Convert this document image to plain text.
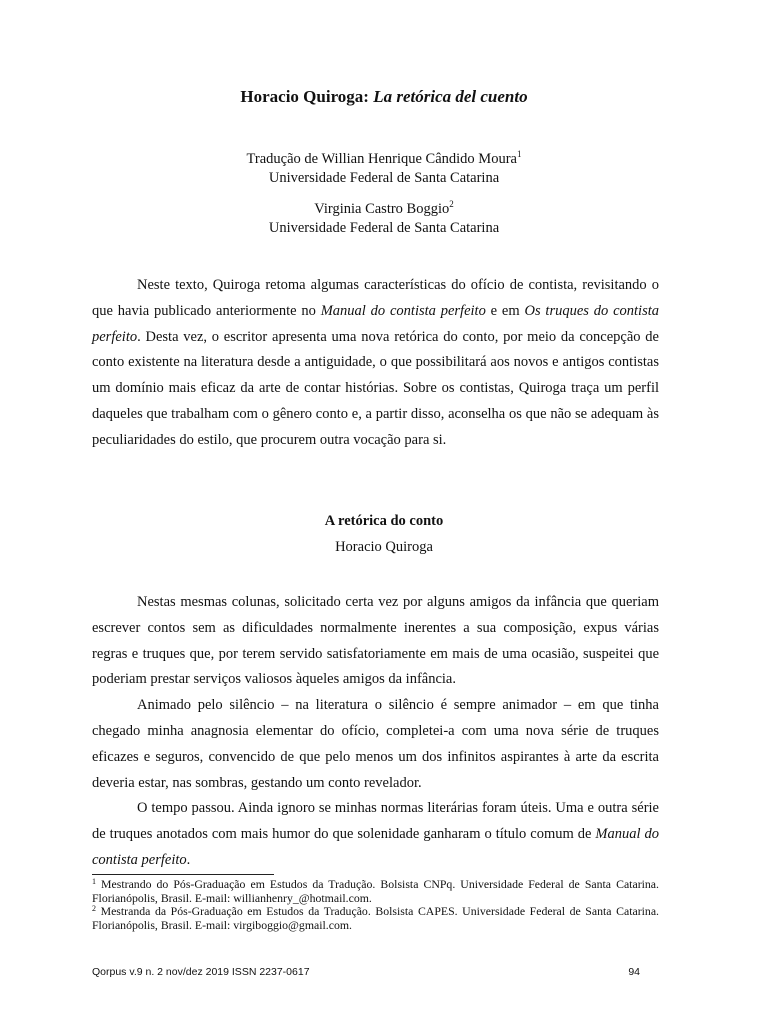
Horacio Quiroga: La retórica del cuento
Tradução de Willian Henrique Cândido Moura$^1$
Universidade Federal de Santa Catarina
Virginia Castro Boggio$^2$
Universidade Federal de Santa Catarina

Neste texto, Quiroga retoma algumas características do ofício de contista, revisitando o que havia publicado anteriormente no Manual do contista perfeito e em Os truques do contista perfeito. Desta vez, o escritor apresenta uma nova retórica do conto, por meio da concepção de conto existente na literatura desde a antiguidade, o que possibilitará aos novos e antigos contistas um domínio mais eficaz da arte de contar histórias. Sobre os contistas, Quiroga traça um perfil daqueles que trabalham com o gênero conto e, a partir disso, aconselha os que não se adequam às peculiaridades do estilo, que procurem outra vocação para si.

A retórica do conto
Horacio Quiroga

Nestas mesmas colunas, solicitado certa vez por alguns amigos da infância que queriam escrever contos sem as dificuldades normalmente inerentes a sua composição, expus várias regras e truques que, por terem servido satisfatoriamente em mais de uma ocasião, suspeitei que poderiam prestar serviços valiosos àqueles amigos da infância.

Animado pelo silêncio – na literatura o silêncio é sempre animador – em que tinha chegado minha anagnosia elementar do ofício, completei-a com uma nova série de truques eficazes e seguros, convencido de que pelo menos um dos infinitos aspirantes à arte da escrita deveria estar, nas sombras, gestando um conto revelador.

O tempo passou. Ainda ignoro se minhas normas literárias foram úteis. Uma e outra série de truques anotados com mais humor do que solenidade ganharam o título comum de Manual do contista perfeito.

$^1$ Mestrando do Pós-Graduação em Estudos da Tradução. Bolsista CNPq. Universidade Federal de Santa Catarina. Florianópolis, Brasil. E-mail: willianhenry_@hotmail.com.

$^2$ Mestranda da Pós-Graduação em Estudos da Tradução. Bolsista CAPES. Universidade Federal de Santa Catarina. Florianópolis, Brasil. E-mail: virgiboggio@gmail.com.

Qorpus v.9 n. 2 nov/dez 2019 ISSN 2237-0617	94
